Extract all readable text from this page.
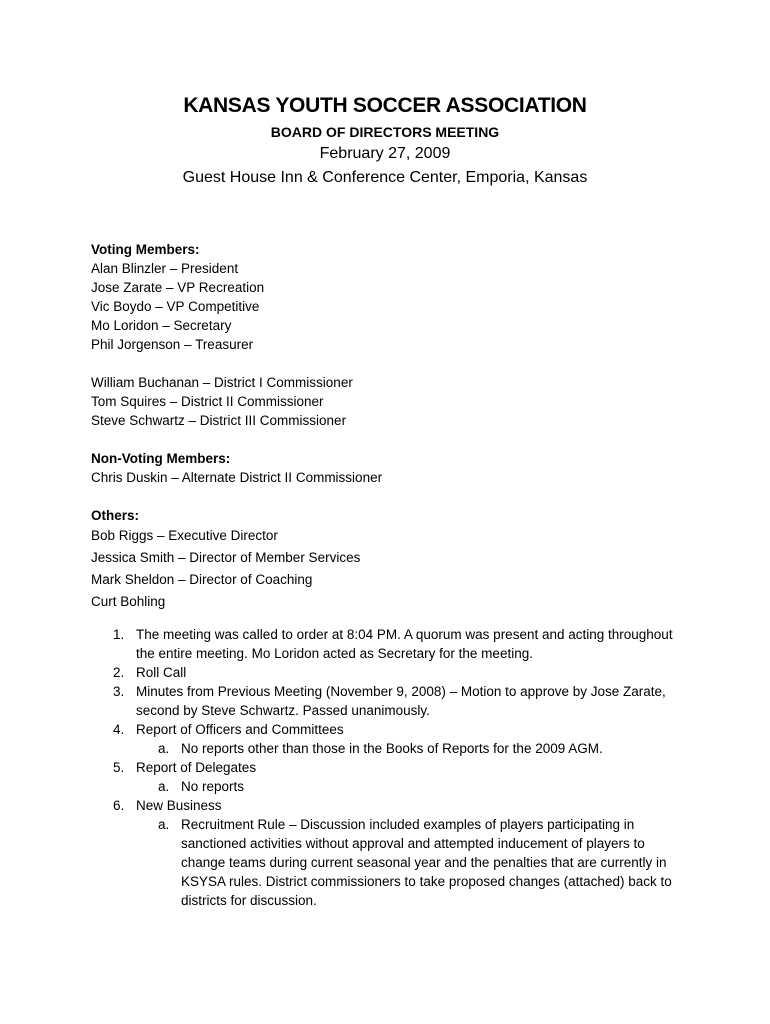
KANSAS YOUTH SOCCER ASSOCIATION
BOARD OF DIRECTORS MEETING
February 27, 2009
Guest House Inn & Conference Center, Emporia, Kansas
Voting Members:
Alan Blinzler – President
Jose Zarate – VP Recreation
Vic Boydo – VP Competitive
Mo Loridon – Secretary
Phil Jorgenson – Treasurer
William Buchanan – District I Commissioner
Tom Squires – District II Commissioner
Steve Schwartz – District III Commissioner
Non-Voting Members:
Chris Duskin – Alternate District II Commissioner
Others:
Bob Riggs – Executive Director
Jessica Smith – Director of Member Services
Mark Sheldon – Director of Coaching
Curt Bohling
1. The meeting was called to order at 8:04 PM. A quorum was present and acting throughout the entire meeting. Mo Loridon acted as Secretary for the meeting.
2. Roll Call
3. Minutes from Previous Meeting (November 9, 2008) – Motion to approve by Jose Zarate, second by Steve Schwartz. Passed unanimously.
4. Report of Officers and Committees
a. No reports other than those in the Books of Reports for the 2009 AGM.
5. Report of Delegates
a. No reports
6. New Business
a. Recruitment Rule – Discussion included examples of players participating in sanctioned activities without approval and attempted inducement of players to change teams during current seasonal year and the penalties that are currently in KSYSA rules. District commissioners to take proposed changes (attached) back to districts for discussion.
